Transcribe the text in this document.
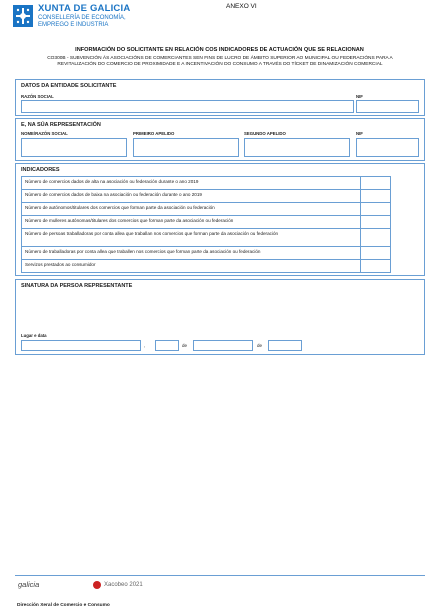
XUNTA DE GALICIA
CONSELLERÍA DE ECONOMÍA,
EMPREGO E INDUSTRIA
ANEXO VI
INFORMACIÓN DO SOLICITANTE EN RELACIÓN COS INDICADORES DE ACTUACIÓN QUE SE RELACIONAN
CO300B - SUBVENCIÓN ÁS ASOCIACIÓNS DE COMERCIANTES SEN FINS DE LUCRO DE ÁMBITO SUPERIOR AO MUNICIPAL OU FEDERACIÓNS PARA A
REVITALIZACIÓN DO COMERCIO DE PROXIMIDADE E A INCENTIVACIÓN DO CONSUMO A TRAVÉS DO TÍCKET DE DINAMIZACIÓN COMERCIAL
DATOS DA ENTIDADE SOLICITANTE
RAZÓN SOCIAL	NIF
E, NA SÚA REPRESENTACIÓN
NOME/RAZÓN SOCIAL	PRIMEIRO APELIDO	SEGUNDO APELIDO	NIF
INDICADORES
Número de comercios dados de alta na asociación ou federación durante o ano 2019
Número de comercios dados de baixa na asociación ou federación durante o ano 2019
Número de autónomos/titulares dos comercios que forman parte da asociación ou federación
Número de mulleres autónomas/titulares dos comercios que forman parte da asociación ou federación
Número de persoas traballadoras por conta allea que traballan nos comercios que forman parte da asociación ou federación
Número de traballadoras por conta allea que traballen nos comercios que forman parte da asociación ou federación
Servizos prestados ao consumidor
SINATURA DA PERSOA REPRESENTANTE
Lugar e data
,	de	de
galicia	Xacobeo 2021
Dirección Xeral de Comercio e Consumo
